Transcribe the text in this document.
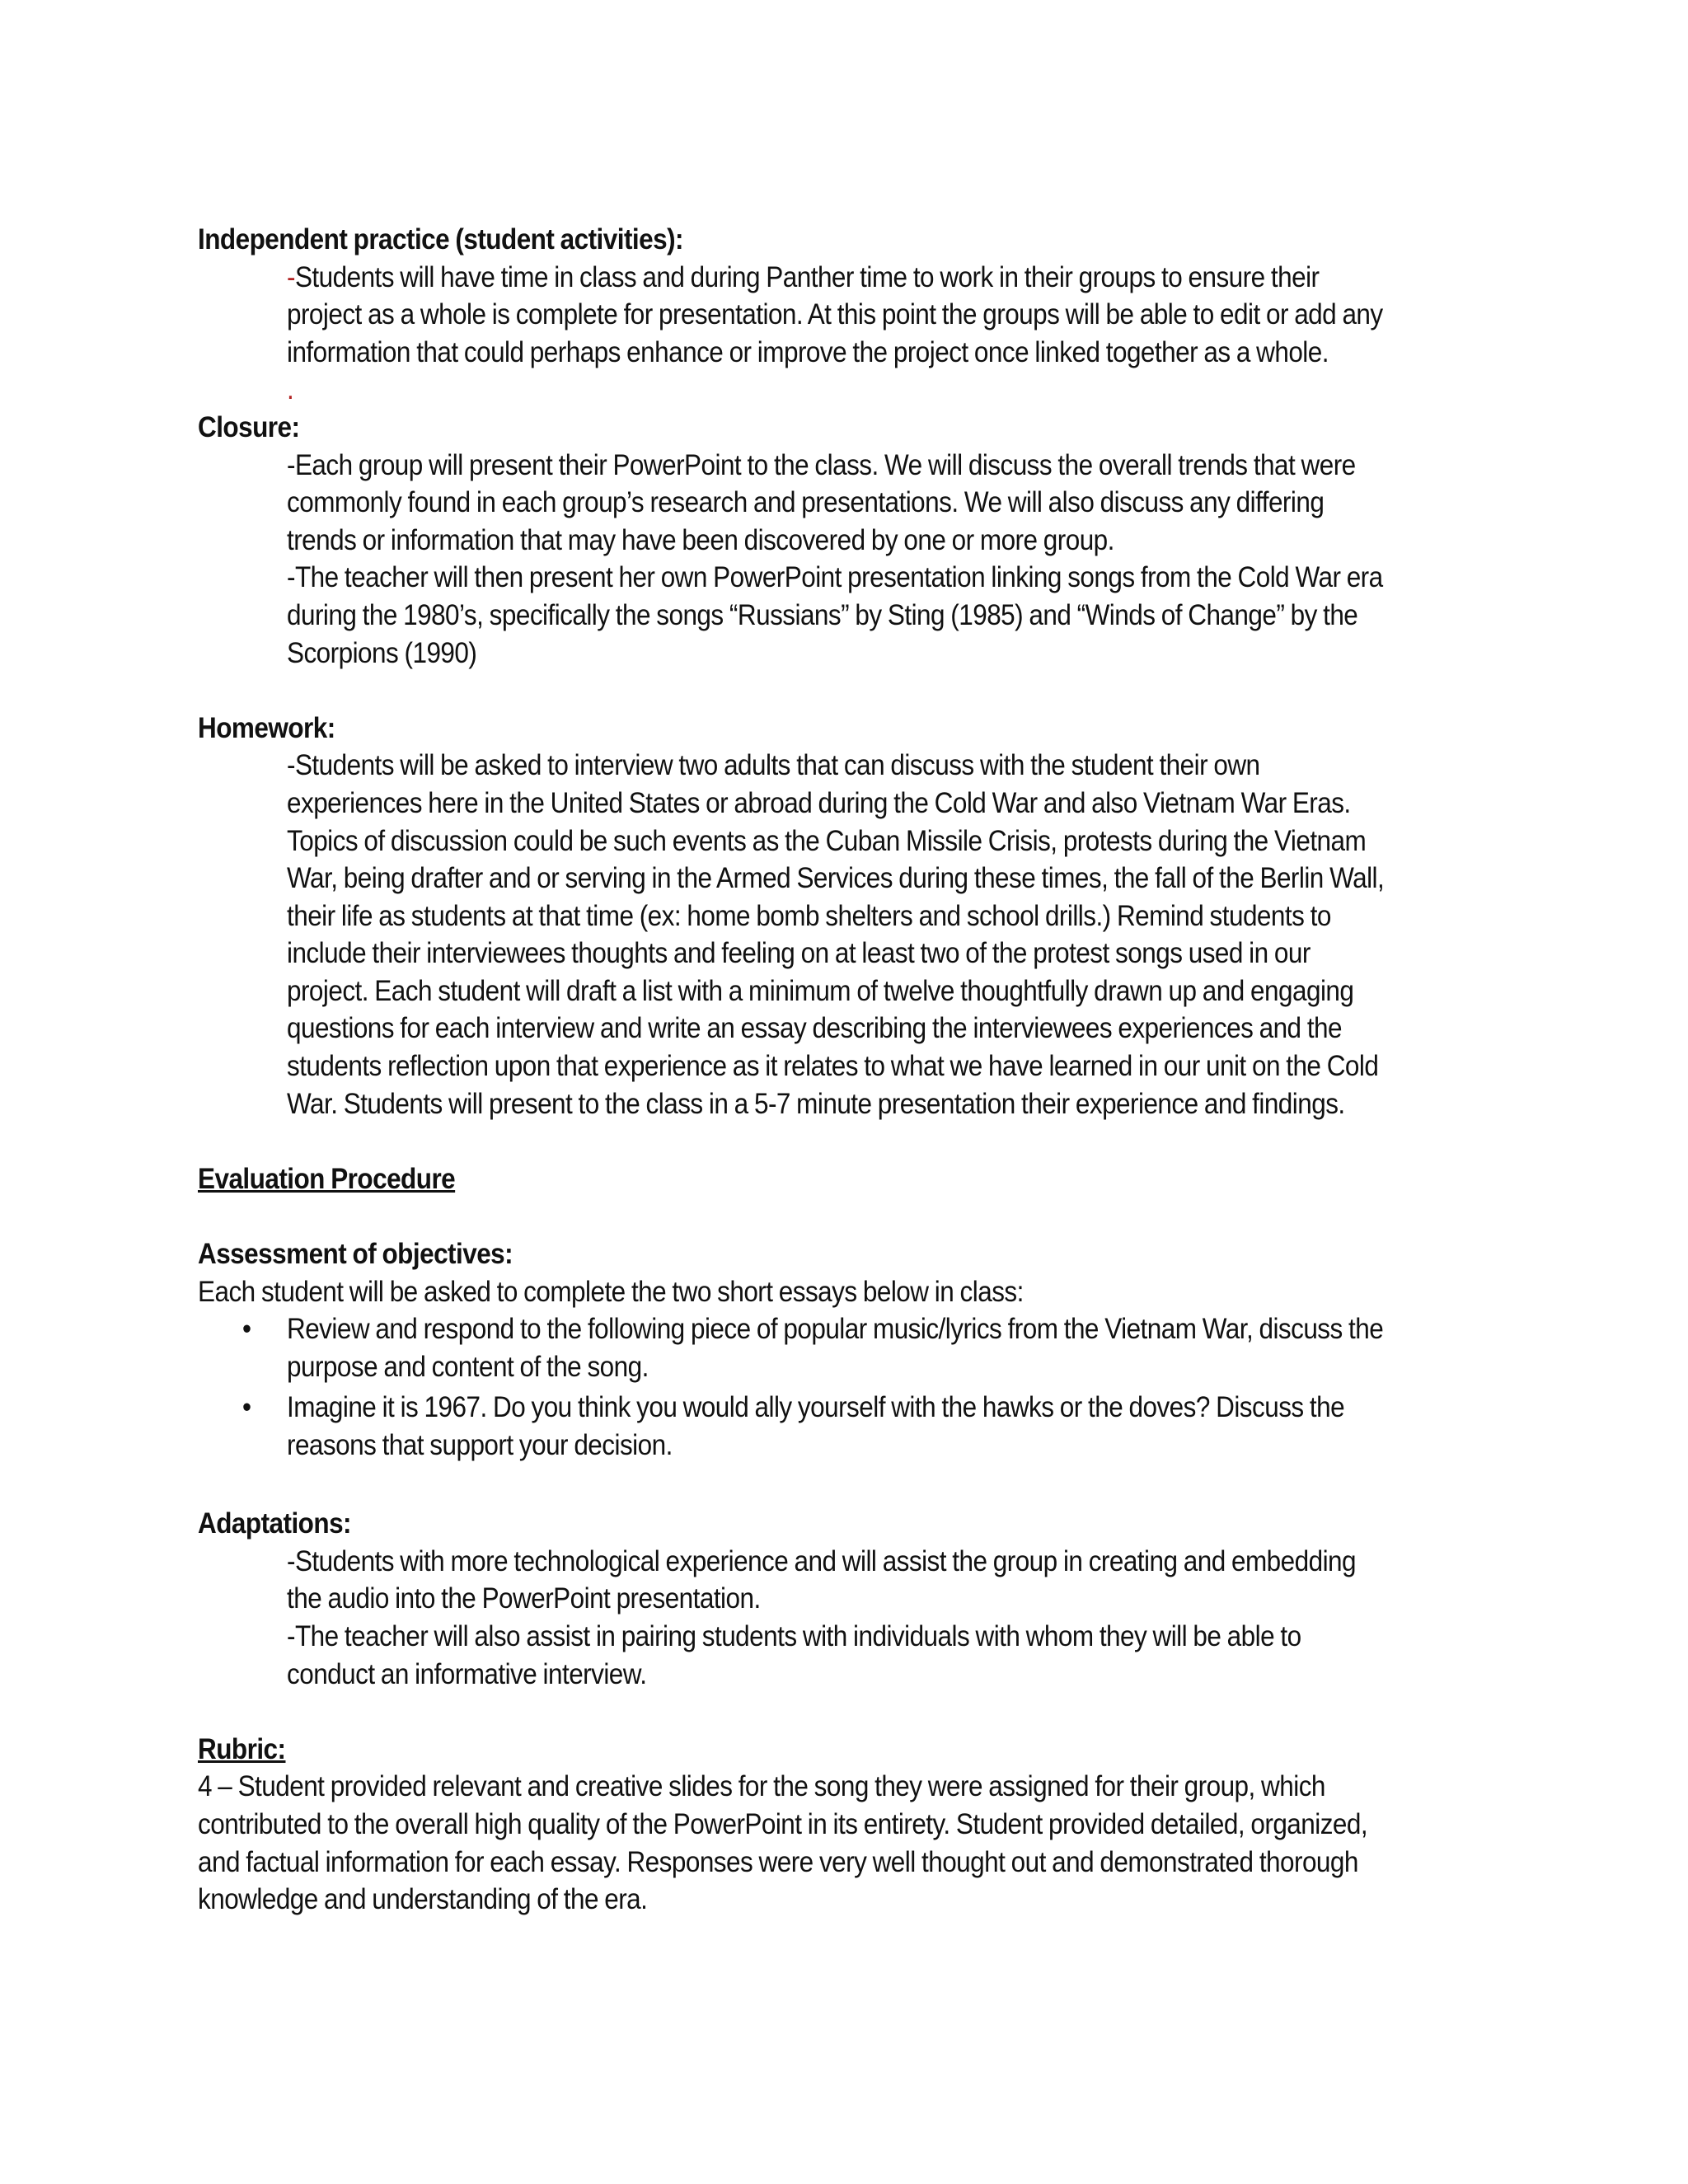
Independent practice (student activities):

-Students will have time in class and during Panther time to work in their groups to ensure their project as a whole is complete for presentation. At this point the groups will be able to edit or add any information that could perhaps enhance or improve the project once linked together as a whole.

.

Closure:

-Each group will present their PowerPoint to the class. We will discuss the overall trends that were commonly found in each group’s research and presentations. We will also discuss any differing trends or information that may have been discovered by one or more group.

-The teacher will then present her own PowerPoint presentation linking songs from the Cold War era during the 1980’s, specifically the songs “Russians” by Sting (1985) and “Winds of Change” by the Scorpions (1990)

Homework:

-Students will be asked to interview two adults that can discuss with the student their own experiences here in the United States or abroad during the Cold War and also Vietnam War Eras. Topics of discussion could be such events as the Cuban Missile Crisis, protests during the Vietnam War, being drafter and or serving in the Armed Services during these times, the fall of the Berlin Wall, their life as students at that time (ex: home bomb shelters and school drills.) Remind students to include their interviewees thoughts and feeling on at least two of the protest songs used in our project. Each student will draft a list with a minimum of twelve thoughtfully drawn up and engaging questions for each interview and write an essay describing the interviewees experiences and the students reflection upon that experience as it relates to what we have learned in our unit on the Cold War. Students will present to the class in a 5-7 minute presentation their experience and findings.

Evaluation Procedure

Assessment of objectives:

Each student will be asked to complete the two short essays below in class:

• Review and respond to the following piece of popular music/lyrics from the Vietnam War, discuss the purpose and content of the song.
• Imagine it is 1967. Do you think you would ally yourself with the hawks or the doves? Discuss the reasons that support your decision.

Adaptations:

-Students with more technological experience and will assist the group in creating and embedding the audio into the PowerPoint presentation.

-The teacher will also assist in pairing students with individuals with whom they will be able to conduct an informative interview.

Rubric:

4 – Student provided relevant and creative slides for the song they were assigned for their group, which contributed to the overall high quality of the PowerPoint in its entirety. Student provided detailed, organized, and factual information for each essay. Responses were very well thought out and demonstrated thorough knowledge and understanding of the era.
